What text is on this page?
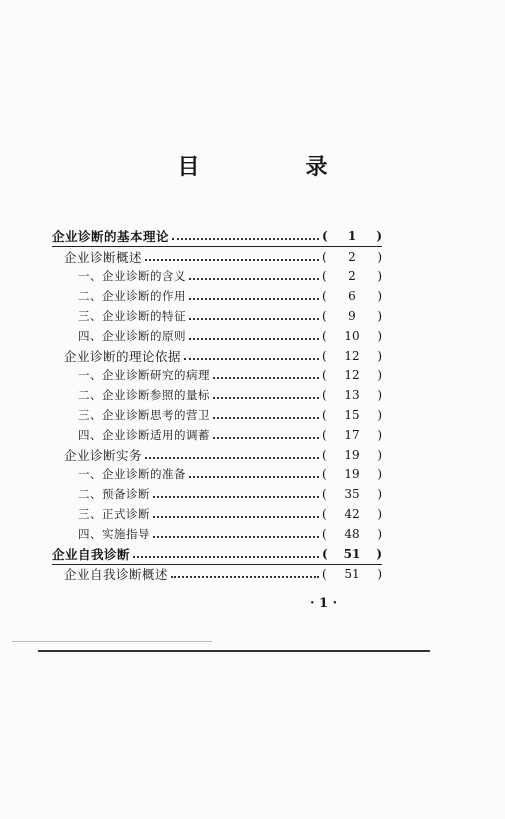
目　录
企业诊断的基本理论	(	1	)
企业诊断概述	(	2	)
一、企业诊断的含义	(	2	)
二、企业诊断的作用	(	6	)
三、企业诊断的特征	(	9	)
四、企业诊断的原则	(	10	)
企业诊断的理论依据	(	12	)
一、企业诊断研究的病理	(	12	)
二、企业诊断参照的量标	(	13	)
三、企业诊断思考的营卫	(	15	)
四、企业诊断适用的调蓄	(	17	)
企业诊断实务	(	19	)
一、企业诊断的准备	(	19	)
二、预备诊断	(	35	)
三、正式诊断	(	42	)
四、实施指导	(	48	)
企业自我诊断	(	51	)
企业自我诊断概述	(	51	)
· 1 ·
